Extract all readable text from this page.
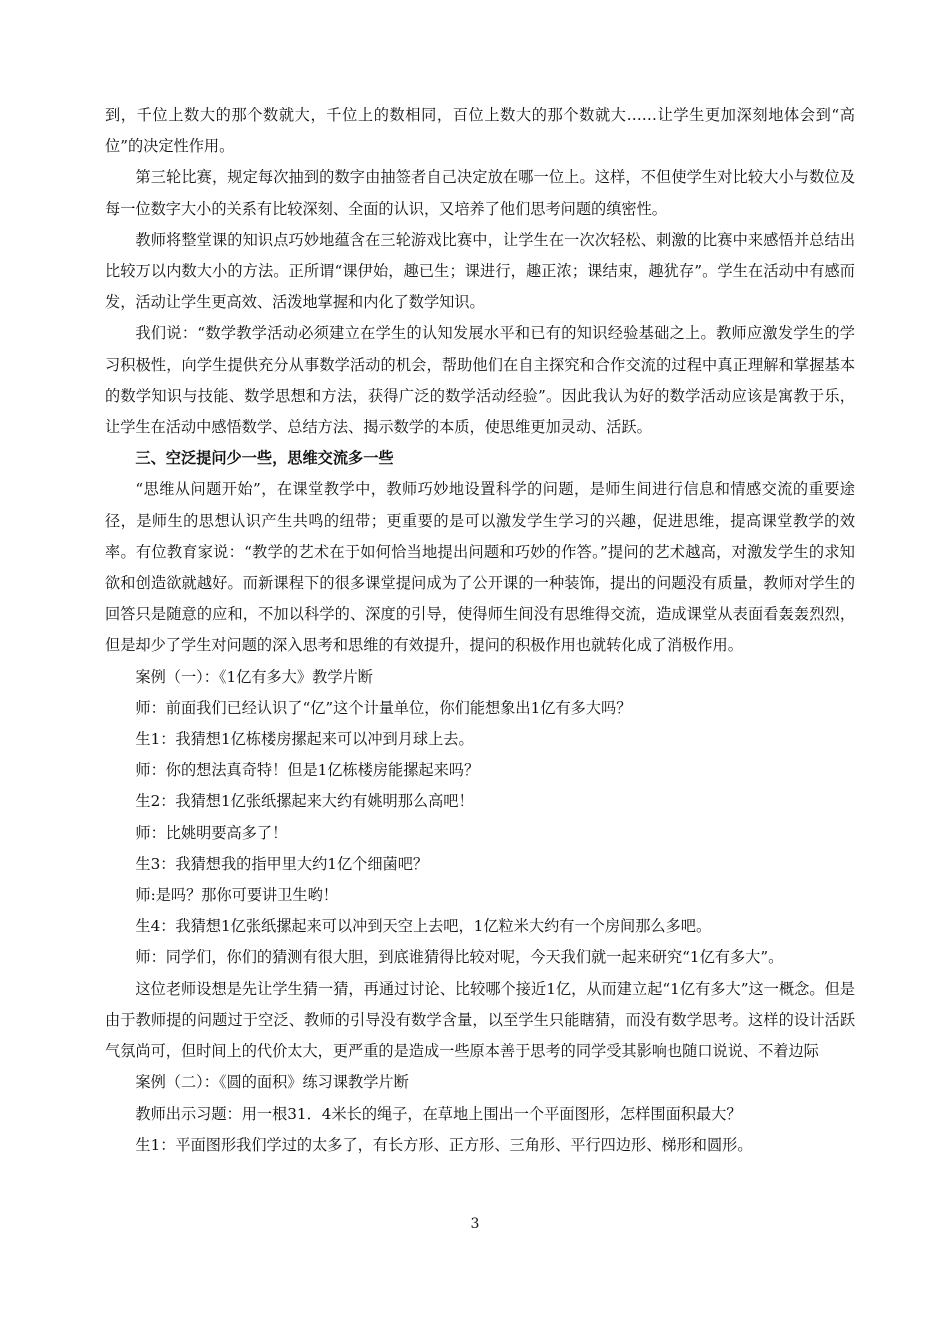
到，千位上数大的那个数就大，千位上的数相同，百位上数大的那个数就大……让学生更加深刻地体会到“高位”的决定性作用。

第三轮比赛，规定每次抽到的数字由抽签者自己决定放在哪一位上。这样，不但使学生对比较大小与数位及每一位数字大小的关系有比较深刻、全面的认识，又培养了他们思考问题的缜密性。

教师将整堂课的知识点巧妙地蕴含在三轮游戏比赛中，让学生在一次次轻松、刺激的比赛中来感悟并总结出比较万以内数大小的方法。正所谓“课伊始，趣已生；课进行，趣正浓；课结束，趣犹存”。学生在活动中有感而发，活动让学生更高效、活泼地掌握和内化了数学知识。

我们说：“数学教学活动必须建立在学生的认知发展水平和已有的知识经验基础之上。教师应激发学生的学习积极性，向学生提供充分从事数学活动的机会，帮助他们在自主探究和合作交流的过程中真正理解和掌握基本的数学知识与技能、数学思想和方法，获得广泛的数学活动经验”。因此我认为好的数学活动应该是寓教于乐，让学生在活动中感悟数学、总结方法、揭示数学的本质，使思维更加灵动、活跃。

三、空泛提问少一些，思维交流多一些

“思维从问题开始”，在课堂教学中，教师巧妙地设置科学的问题，是师生间进行信息和情感交流的重要途径，是师生的思想认识产生共鸣的纽带；更重要的是可以激发学生学习的兴趣，促进思维，提高课堂教学的效率。有位教育家说：“教学的艺术在于如何恰当地提出问题和巧妙的作答。”提问的艺术越高，对激发学生的求知欲和创造欲就越好。而新课程下的很多课堂提问成为了公开课的一种装饰，提出的问题没有质量，教师对学生的回答只是随意的应和，不加以科学的、深度的引导，使得师生间没有思维得交流，造成课堂从表面看轰轰烈烈，但是却少了学生对问题的深入思考和思维的有效提升，提问的积极作用也就转化成了消极作用。

案例（一）：《1亿有多大》教学片断

师：前面我们已经认识了“亿”这个计量单位，你们能想象出1亿有多大吗？

生1：我猜想1亿栋楼房摞起来可以冲到月球上去。

师：你的想法真奇特！但是1亿栋楼房能摞起来吗？

生2：我猜想1亿张纸摞起来大约有姚明那么高吧！

师：比姚明要高多了！

生3：我猜想我的指甲里大约1亿个细菌吧？

师:是吗？那你可要讲卫生哟！

生4：我猜想1亿张纸摞起来可以冲到天空上去吧，1亿粒米大约有一个房间那么多吧。

师：同学们，你们的猜测有很大胆，到底谁猜得比较对呢，今天我们就一起来研究“1亿有多大”。

这位老师设想是先让学生猜一猜，再通过讨论、比较哪个接近1亿，从而建立起“1亿有多大”这一概念。但是由于教师提的问题过于空泛、教师的引导没有数学含量，以至学生只能瞎猜，而没有数学思考。这样的设计活跃气氛尚可，但时间上的代价太大，更严重的是造成一些原本善于思考的同学受其影响也随口说说、不着边际

案例（二）：《圆的面积》练习课教学片断

教师出示习题：用一根31．4米长的绳子，在草地上围出一个平面图形，怎样围面积最大？

生1：平面图形我们学过的太多了，有长方形、正方形、三角形、平行四边形、梯形和圆形。

3
